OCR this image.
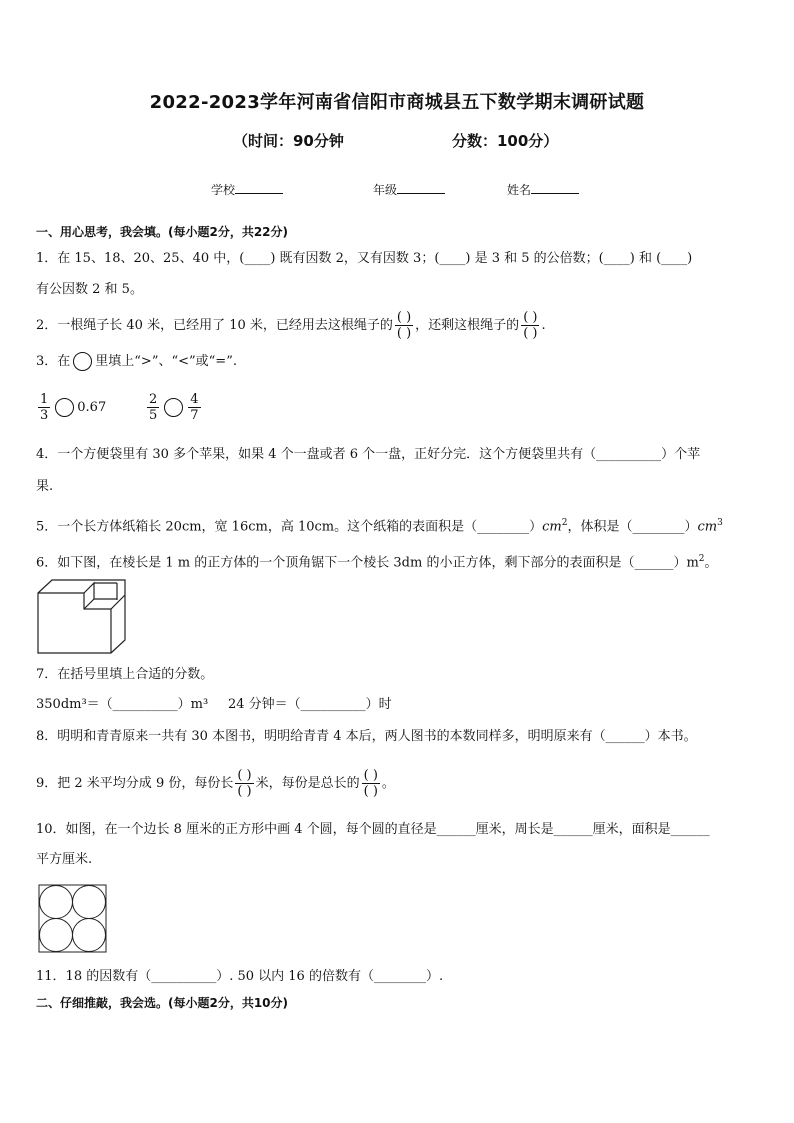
2022-2023学年河南省信阳市商城县五下数学期末调研试题
（时间：90分钟	分数：100分）
学校	年级	姓名
一、用心思考，我会填。(每小题2分，共22分)
1．在 15、18、20、25、40 中，(____) 既有因数 2，又有因数 3；(____) 是 3 和 5 的公倍数；(____) 和 (____)
有公因数 2 和 5。
2．一根绳子长 40 米，已经用了 10 米，已经用去这根绳子的 $\frac{( )}{( )}$ ，还剩这根绳子的 $\frac{( )}{( )}$ .
3．在 里填上“>”、“<”或“=”.
$\frac{1}{3} 0.67$	$\frac{2}{5} \frac{4}{7}$
4．一个方便袋里有 30 多个苹果，如果 4 个一盘或者 6 个一盘，正好分完．这个方便袋里共有（__________）个苹
果.
5．一个长方体纸箱长 20cm，宽 16cm，高 10cm。这个纸箱的表面积是$(\_\_\_\_\_\_\_\_)cm^2$，体积是$(\_\_\_\_\_\_\_\_)cm^3$
6．如下图，在棱长是 1 m 的正方体的一个顶角锯下一个棱长 3dm 的小正方体，剩下部分的表面积是$(\_\_\_\_\_\_)m^2$。
7．在括号里填上合适的分数。
350dm³＝（__________）m³ 24 分钟＝（__________）时
8．明明和青青原来一共有 30 本图书，明明给青青 4 本后，两人图书的本数同样多，明明原来有（______）本书。
9．把 2 米平均分成 9 份，每份长 $\frac{( )}{( )}$ 米，每份是总长的 $\frac{( )}{( )}$ 。
10．如图，在一个边长 8 厘米的正方形中画 4 个圆，每个圆的直径是______厘米，周长是______厘米，面积是______
平方厘米.
11．18 的因数有（__________）. 50 以内 16 的倍数有（________）.
二、仔细推敲，我会选。(每小题2分，共10分)
